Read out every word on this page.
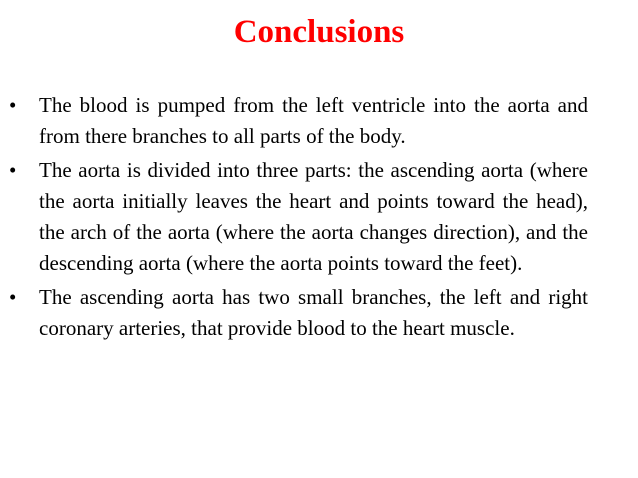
Conclusions
• The blood is pumped from the left ventricle into the aorta and from there branches to all parts of the body.
• The aorta is divided into three parts: the ascending aorta (where the aorta initially leaves the heart and points toward the head), the arch of the aorta (where the aorta changes direction), and the descending aorta (where the aorta points toward the feet).
• The ascending aorta has two small branches, the left and right coronary arteries, that provide blood to the heart muscle.
